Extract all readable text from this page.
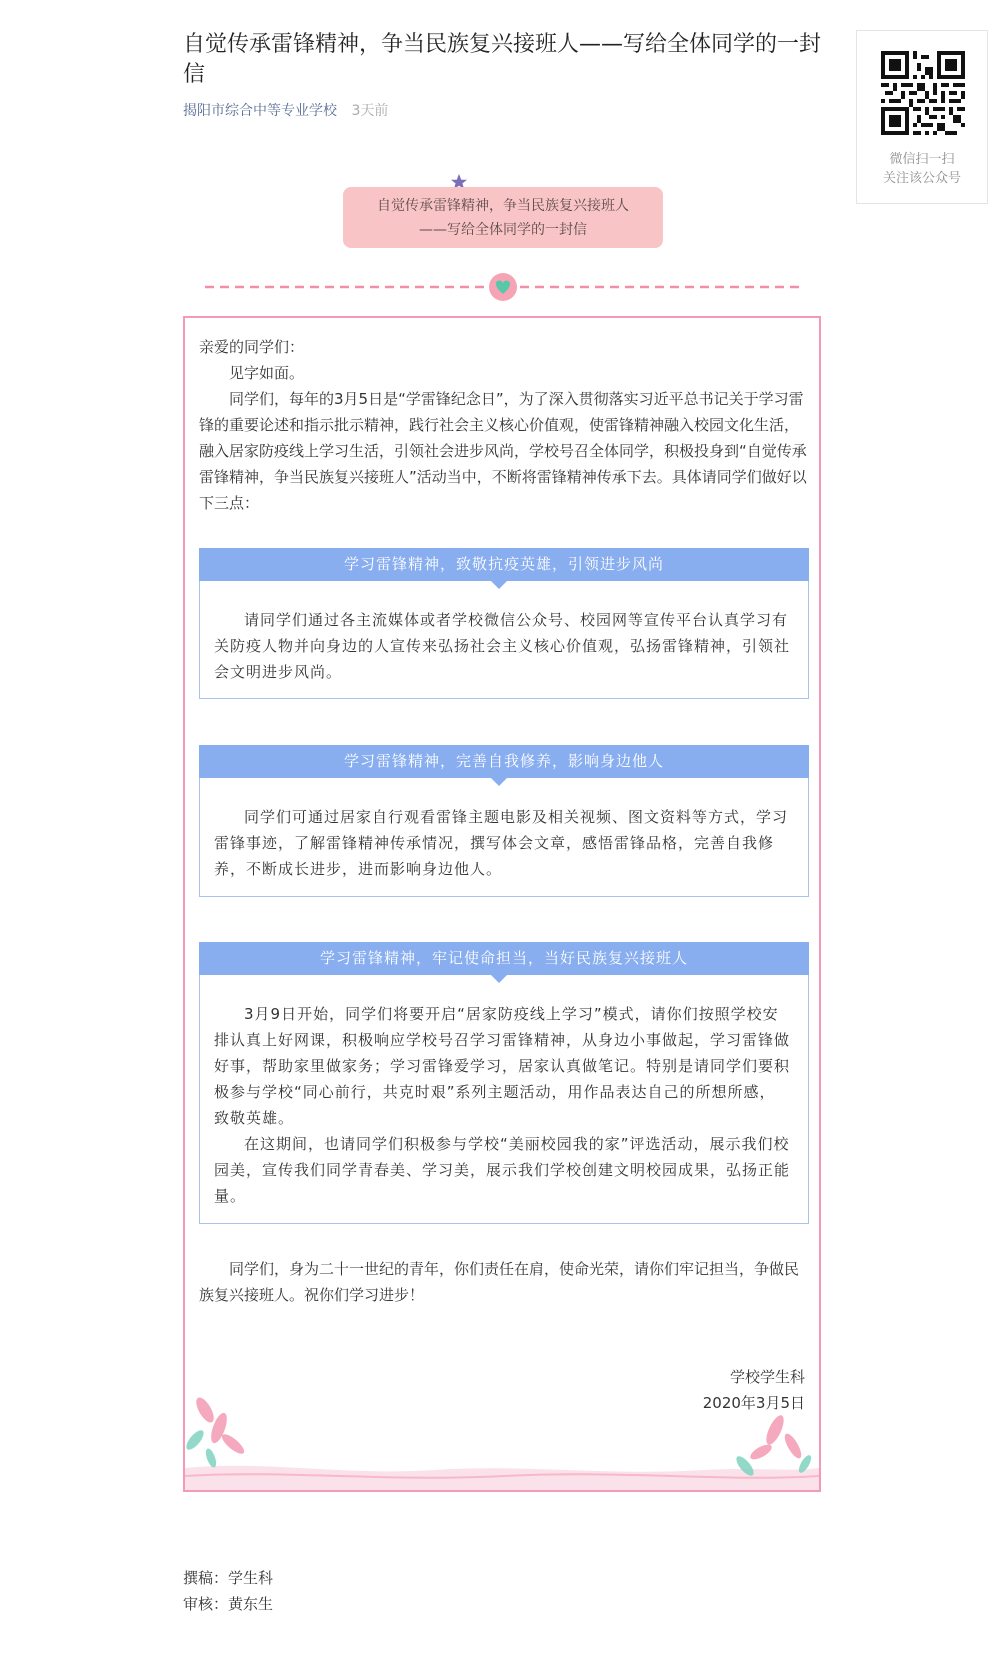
自觉传承雷锋精神，争当民族复兴接班人——写给全体同学的一封信
揭阳市综合中等专业学校 3天前
微信扫一扫
关注该公众号
自觉传承雷锋精神，争当民族复兴接班人
——写给全体同学的一封信
亲爱的同学们：
见字如面。
同学们，每年的3月5日是“学雷锋纪念日”，为了深入贯彻落实习近平总书记关于学习雷锋的重要论述和指示批示精神，践行社会主义核心价值观，使雷锋精神融入校园文化生活，融入居家防疫线上学习生活，引领社会进步风尚，学校号召全体同学，积极投身到“自觉传承雷锋精神，争当民族复兴接班人”活动当中，不断将雷锋精神传承下去。具体请同学们做好以下三点：
学习雷锋精神，致敬抗疫英雄，引领进步风尚

请同学们通过各主流媒体或者学校微信公众号、校园网等宣传平台认真学习有关防疫人物并向身边的人宣传来弘扬社会主义核心价值观，弘扬雷锋精神，引领社会文明进步风尚。

学习雷锋精神，完善自我修养，影响身边他人

同学们可通过居家自行观看雷锋主题电影及相关视频、图文资料等方式，学习雷锋事迹，了解雷锋精神传承情况，撰写体会文章，感悟雷锋品格，完善自我修养，不断成长进步，进而影响身边他人。

学习雷锋精神，牢记使命担当，当好民族复兴接班人

3月9日开始，同学们将要开启“居家防疫线上学习”模式，请你们按照学校安排认真上好网课，积极响应学校号召学习雷锋精神，从身边小事做起，学习雷锋做好事，帮助家里做家务；学习雷锋爱学习，居家认真做笔记。特别是请同学们要积极参与学校“同心前行，共克时艰”系列主题活动，用作品表达自己的所想所感，致敬英雄。

在这期间，也请同学们积极参与学校“美丽校园我的家”评选活动，展示我们校园美，宣传我们同学青春美、学习美，展示我们学校创建文明校园成果，弘扬正能量。

同学们，身为二十一世纪的青年，你们责任在肩，使命光荣，请你们牢记担当，争做民族复兴接班人。祝你们学习进步！
学校学生科
2020年3月5日
撰稿：学生科
审核：黄东生
